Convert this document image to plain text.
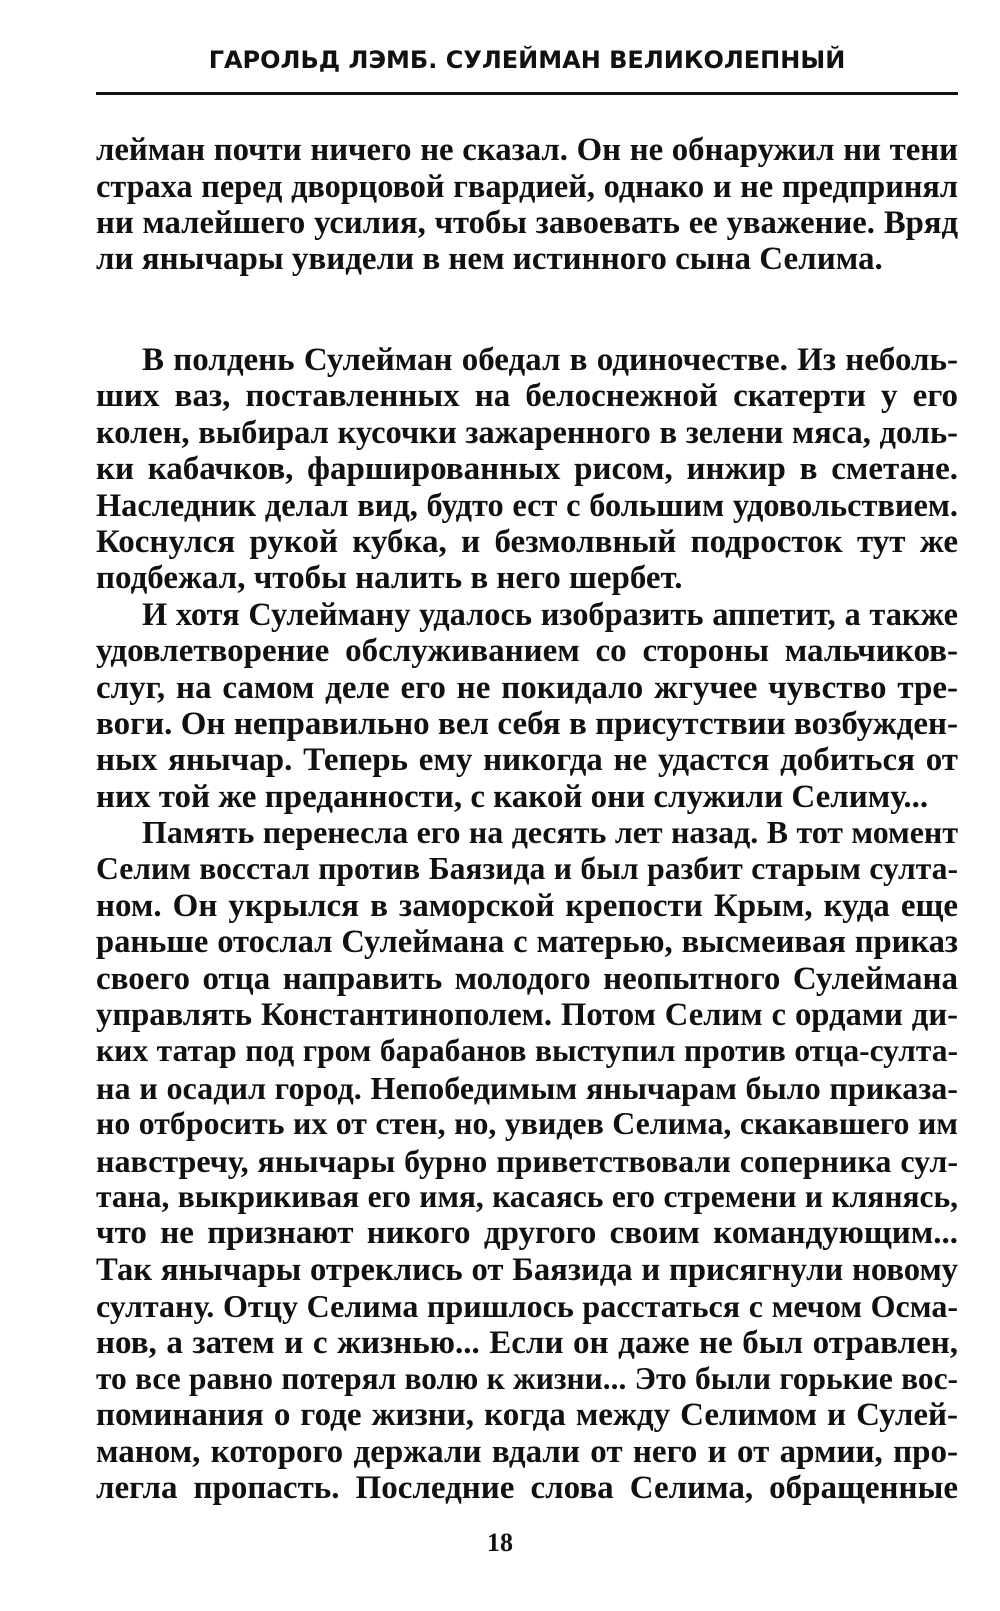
ГАРОЛЬД ЛЭМБ. СУЛЕЙМАН ВЕЛИКОЛЕПНЫЙ
лейман почти ничего не сказал. Он не обнаружил ни тени
страха перед дворцовой гвардией, однако и не предпринял
ни малейшего усилия, чтобы завоевать ее уважение. Вряд
ли янычары увидели в нем истинного сына Селима.
В полдень Сулейман обедал в одиночестве. Из неболь-
ших ваз, поставленных на белоснежной скатерти у его
колен, выбирал кусочки зажаренного в зелени мяса, доль-
ки кабачков, фаршированных рисом, инжир в сметане.
Наследник делал вид, будто ест с большим удовольствием.
Коснулся рукой кубка, и безмолвный подросток тут же
подбежал, чтобы налить в него шербет.
И хотя Сулейману удалось изобразить аппетит, а также
удовлетворение обслуживанием со стороны мальчиков-
слуг, на самом деле его не покидало жгучее чувство тре-
воги. Он неправильно вел себя в присутствии возбужден-
ных янычар. Теперь ему никогда не удастся добиться от
них той же преданности, с какой они служили Селиму...
Память перенесла его на десять лет назад. В тот момент
Селим восстал против Баязида и был разбит старым султа-
ном. Он укрылся в заморской крепости Крым, куда еще
раньше отослал Сулеймана с матерью, высмеивая приказ
своего отца направить молодого неопытного Сулеймана
управлять Константинополем. Потом Селим с ордами ди-
ких татар под гром барабанов выступил против отца-султа-
на и осадил город. Непобедимым янычарам было приказа-
но отбросить их от стен, но, увидев Селима, скакавшего им
навстречу, янычары бурно приветствовали соперника сул-
тана, выкрикивая его имя, касаясь его стремени и клянясь,
что не признают никого другого своим командующим...
Так янычары отреклись от Баязида и присягнули новому
султану. Отцу Селима пришлось расстаться с мечом Осма-
нов, а затем и с жизнью... Если он даже не был отравлен,
то все равно потерял волю к жизни... Это были горькие вос-
поминания о годе жизни, когда между Селимом и Сулей-
маном, которого держали вдали от него и от армии, про-
легла пропасть. Последние слова Селима, обращенные
18
